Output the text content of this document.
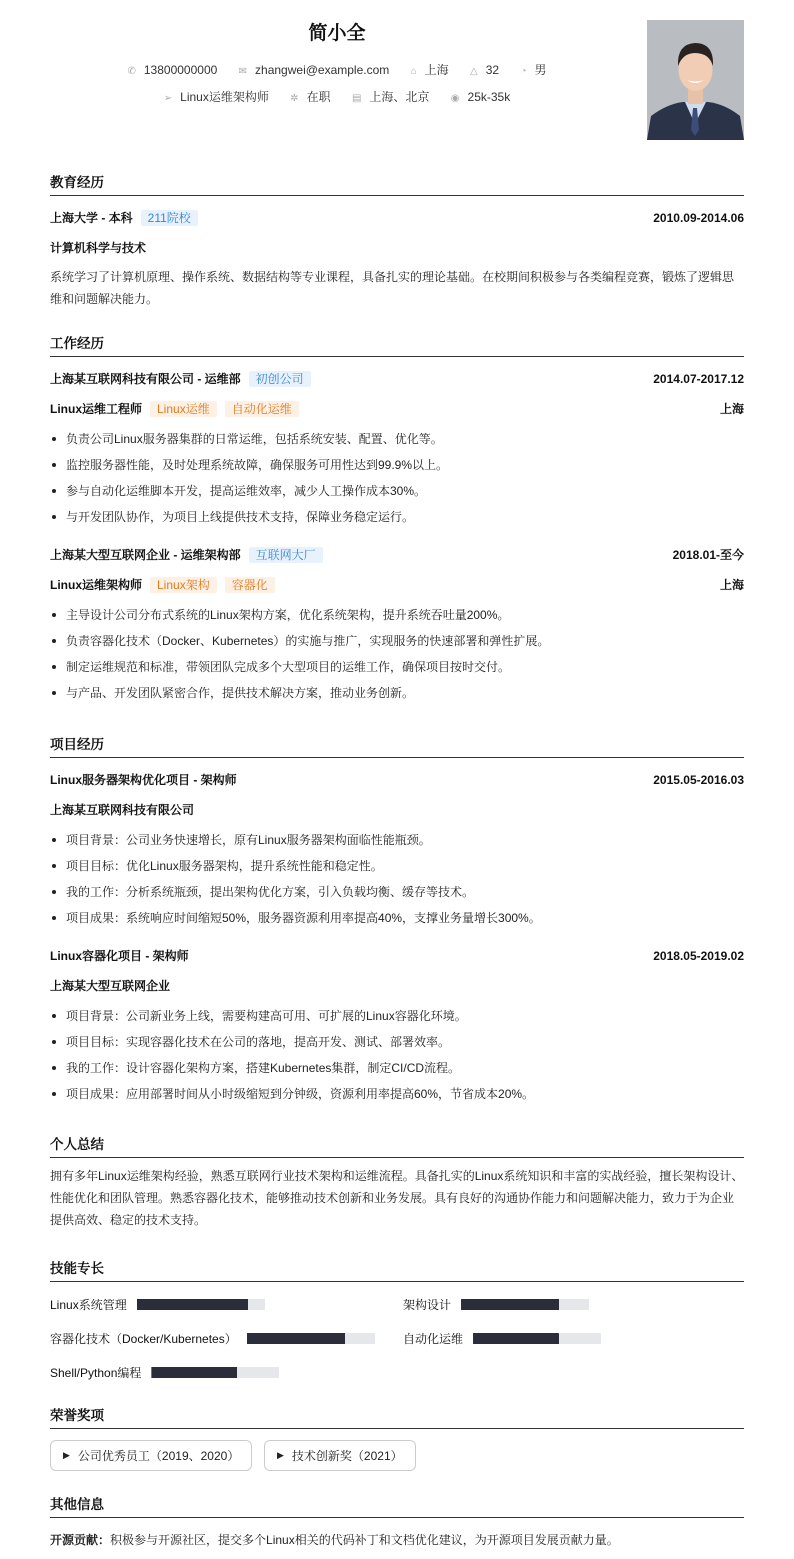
简小全
✆ 13800000000 ✉ zhangwei@example.com ⌂ 上海 △ 32 ◔ 男
➢ Linux运维架构师 ✲ 在职 ▤ 上海、北京 ◉ 25k-35k
教育经历
上海大学 - 本科 211院校	2010.09-2014.06
计算机科学与技术
系统学习了计算机原理、操作系统、数据结构等专业课程，具备扎实的理论基础。在校期间积极参与各类编程竞赛，锻炼了逻辑思维和问题解决能力。
工作经历
上海某互联网科技有限公司 - 运维部 初创公司	2014.07-2017.12
Linux运维工程师 Linux运维 自动化运维	上海
负责公司Linux服务器集群的日常运维，包括系统安装、配置、优化等。
监控服务器性能，及时处理系统故障，确保服务可用性达到99.9%以上。
参与自动化运维脚本开发，提高运维效率，减少人工操作成本30%。
与开发团队协作，为项目上线提供技术支持，保障业务稳定运行。
上海某大型互联网企业 - 运维架构部 互联网大厂	2018.01-至今
Linux运维架构师 Linux架构 容器化	上海
主导设计公司分布式系统的Linux架构方案，优化系统架构，提升系统吞吐量200%。
负责容器化技术（Docker、Kubernetes）的实施与推广，实现服务的快速部署和弹性扩展。
制定运维规范和标准，带领团队完成多个大型项目的运维工作，确保项目按时交付。
与产品、开发团队紧密合作，提供技术解决方案，推动业务创新。
项目经历
Linux服务器架构优化项目 - 架构师	2015.05-2016.03
上海某互联网科技有限公司
项目背景：公司业务快速增长，原有Linux服务器架构面临性能瓶颈。
项目目标：优化Linux服务器架构，提升系统性能和稳定性。
我的工作：分析系统瓶颈，提出架构优化方案，引入负载均衡、缓存等技术。
项目成果：系统响应时间缩短50%，服务器资源利用率提高40%，支撑业务量增长300%。
Linux容器化项目 - 架构师	2018.05-2019.02
上海某大型互联网企业
项目背景：公司新业务上线，需要构建高可用、可扩展的Linux容器化环境。
项目目标：实现容器化技术在公司的落地，提高开发、测试、部署效率。
我的工作：设计容器化架构方案，搭建Kubernetes集群，制定CI/CD流程。
项目成果：应用部署时间从小时级缩短到分钟级，资源利用率提高60%，节省成本20%。
个人总结
拥有多年Linux运维架构经验，熟悉互联网行业技术架构和运维流程。具备扎实的Linux系统知识和丰富的实战经验，擅长架构设计、性能优化和团队管理。熟悉容器化技术，能够推动技术创新和业务发展。具有良好的沟通协作能力和问题解决能力，致力于为企业提供高效、稳定的技术支持。
技能专长
Linux系统管理	架构设计
容器化技术（Docker/Kubernetes）	自动化运维
Shell/Python编程
荣誉奖项
▶ 公司优秀员工（2019、2020）	▶ 技术创新奖（2021）
其他信息
开源贡献：积极参与开源社区，提交多个Linux相关的代码补丁和文档优化建议，为开源项目发展贡献力量。
